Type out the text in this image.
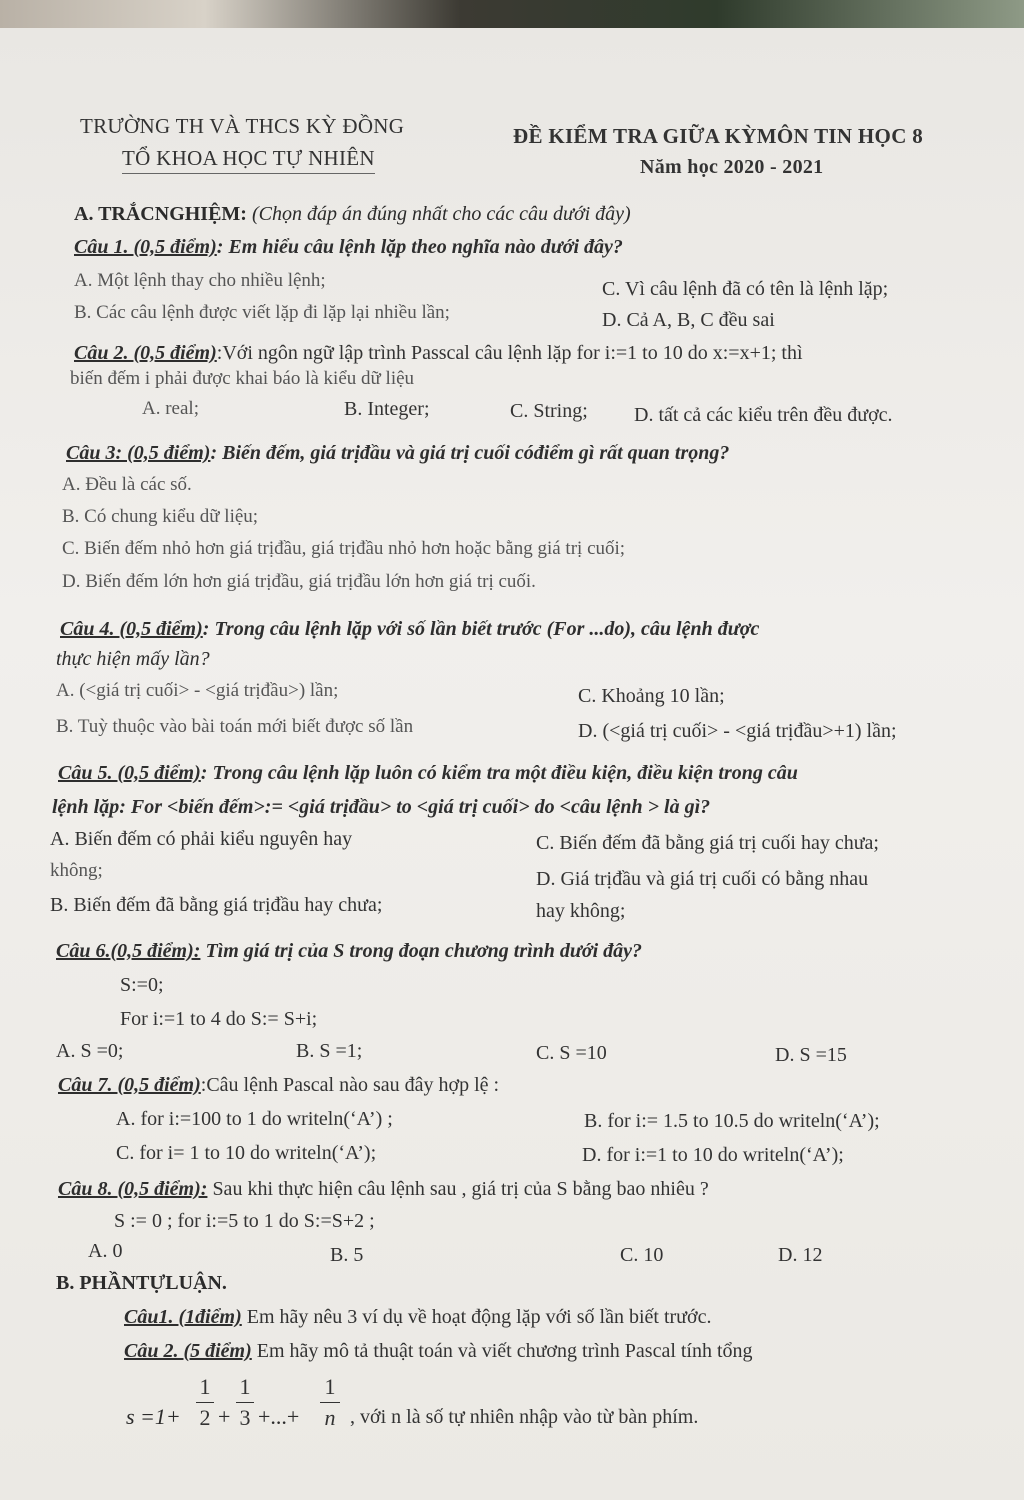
TRƯỜNG TH VÀ THCS KỲ ĐỒNG
TỔ KHOA HỌC TỰ NHIÊN
ĐỀ KIỂM TRA GIỮA KỲMÔN TIN HỌC 8
Năm học 2020 - 2021
A. TRẮCNGHIỆM: (Chọn đáp án đúng nhất cho các câu dưới đây)
Câu 1. (0,5 điểm): Em hiểu câu lệnh lặp theo nghĩa nào dưới đây?
A. Một lệnh thay cho nhiều lệnh;
B. Các câu lệnh được viết lặp đi lặp lại nhiều lần;
C. Vì câu lệnh đã có tên là lệnh lặp;
D. Cả A, B, C đều sai
Câu 2. (0,5 điểm):Với ngôn ngữ lập trình Passcal câu lệnh lặp for i:=1 to 10 do x:=x+1; thì
biến đếm i phải được khai báo là kiểu dữ liệu
A. real;	B. Integer;	C. String; D. tất cả các kiểu trên đều được.
Câu 3: (0,5 điểm): Biến đếm, giá trịđầu và giá trị cuối cóđiểm gì rất quan trọng?
A. Đều là các số.
B. Có chung kiểu dữ liệu;
C. Biến đếm nhỏ hơn giá trịđầu, giá trịđầu nhỏ hơn hoặc bằng giá trị cuối;
D. Biến đếm lớn hơn giá trịđầu, giá trịđầu lớn hơn giá trị cuối.
Câu 4. (0,5 điểm): Trong câu lệnh lặp với số lần biết trước (For ...do), câu lệnh được
thực hiện mấy lần?
A. (<giá trị cuối> - <giá trịđầu>) lần;
B. Tuỳ thuộc vào bài toán mới biết được số lần
C. Khoảng 10 lần;
D. (<giá trị cuối> - <giá trịđầu>+1) lần;
Câu 5. (0,5 điểm): Trong câu lệnh lặp luôn có kiểm tra một điều kiện, điều kiện trong câu
lệnh lặp: For <biến đếm>:= <giá trịđầu> to <giá trị cuối> do <câu lệnh > là gì?
A. Biến đếm có phải kiểu nguyên hay
không;
B. Biến đếm đã bằng giá trịđầu hay chưa;
C. Biến đếm đã bằng giá trị cuối hay chưa;
D. Giá trịđầu và giá trị cuối có bằng nhau
hay không;
Câu 6.(0,5 điểm): Tìm giá trị của S trong đoạn chương trình dưới đây?
S:=0;
For i:=1 to 4 do S:= S+i;
A. S =0;	B. S =1;	C. S =10	D. S =15
Câu 7. (0,5 điểm):Câu lệnh Pascal nào sau đây hợp lệ :
A. for i:=100 to 1 do writeln(‘A’) ;	B. for i:= 1.5 to 10.5 do writeln(‘A’);
C. for i= 1 to 10 do writeln(‘A’);	D. for i:=1 to 10 do writeln(‘A’);
Câu 8. (0,5 điểm): Sau khi thực hiện câu lệnh sau , giá trị của S bằng bao nhiêu ?
S := 0 ; for i:=5 to 1 do S:=S+2 ;
A. 0	B. 5	C. 10	D. 12
B. PHẦNTỰLUẬN.
Câu1. (1điểm) Em hãy nêu 3 ví dụ về hoạt động lặp với số lần biết trước.
Câu 2. (5 điểm) Em hãy mô tả thuật toán và viết chương trình Pascal tính tổng
s =1+
1
2 +
1
3 +...+
1
n , với n là số tự nhiên nhập vào từ bàn phím.
